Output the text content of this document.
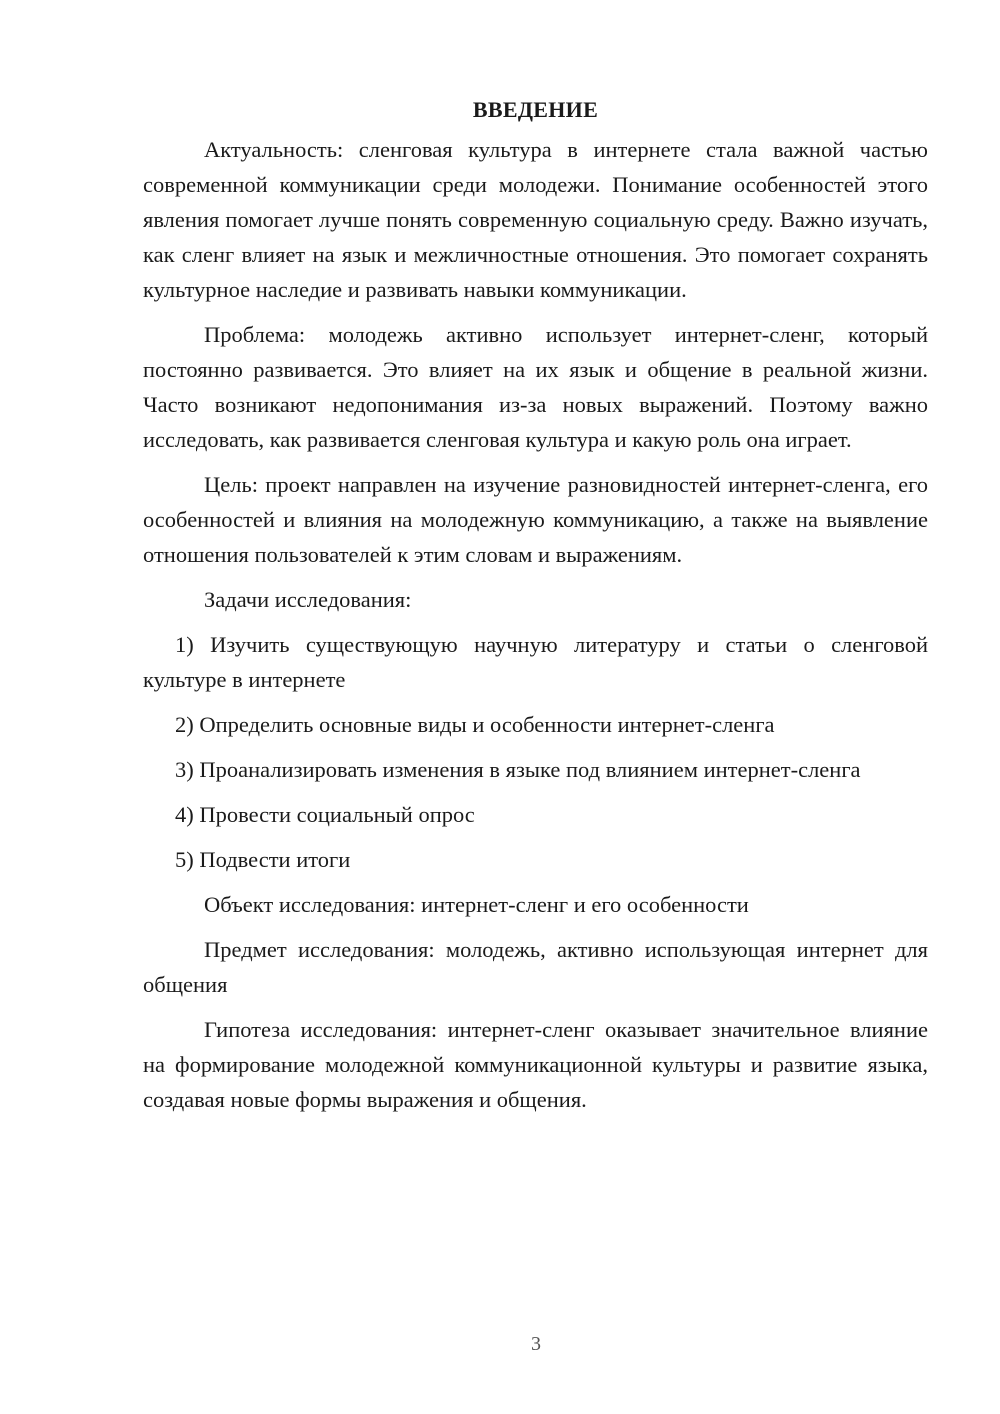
ВВЕДЕНИЕ

Актуальность: сленговая культура в интернете стала важной частью современной коммуникации среди молодежи. Понимание особенностей этого явления помогает лучше понять современную социальную среду. Важно изучать, как сленг влияет на язык и межличностные отношения. Это помогает сохранять культурное наследие и развивать навыки коммуникации.

Проблема: молодежь активно использует интернет-сленг, который постоянно развивается. Это влияет на их язык и общение в реальной жизни. Часто возникают недопонимания из-за новых выражений. Поэтому важно исследовать, как развивается сленговая культура и какую роль она играет.

Цель: проект направлен на изучение разновидностей интернет-сленга, его особенностей и влияния на молодежную коммуникацию, а также на выявление отношения пользователей к этим словам и выражениям.

Задачи исследования:

1) Изучить существующую научную литературу и статьи о сленговой культуре в интернете

2) Определить основные виды и особенности интернет-сленга

3) Проанализировать изменения в языке под влиянием интернет-сленга

4) Провести социальный опрос

5) Подвести итоги

Объект исследования: интернет-сленг и его особенности

Предмет исследования: молодежь, активно использующая интернет для общения

Гипотеза исследования: интернет-сленг оказывает значительное влияние на формирование молодежной коммуникационной культуры и развитие языка, создавая новые формы выражения и общения.

3
